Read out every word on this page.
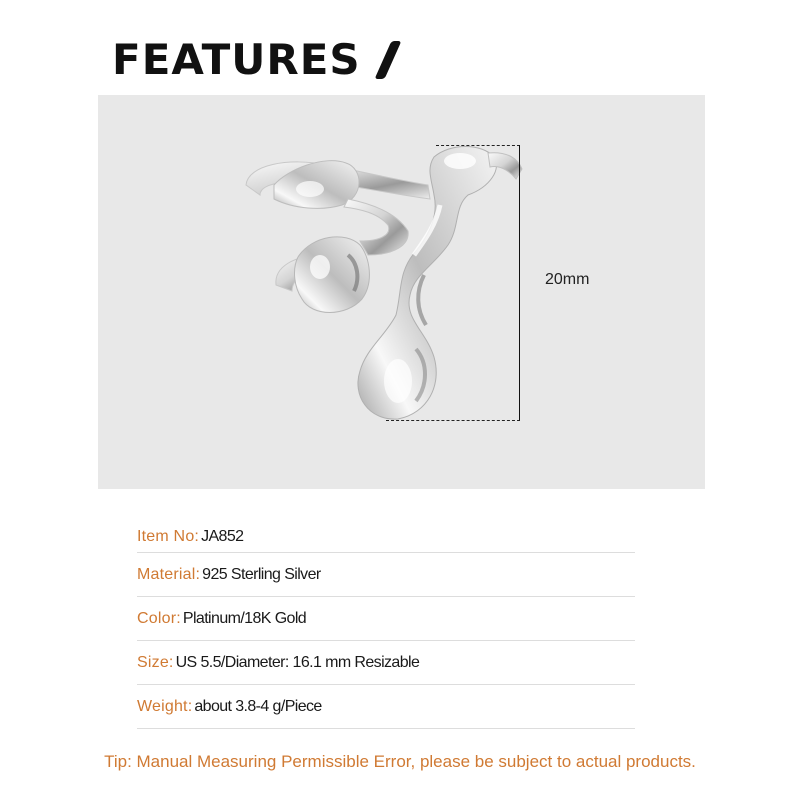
FEATURES
20mm
Item No: JA852
Material: 925 Sterling Silver
Color: Platinum/18K Gold
Size: US 5.5/Diameter: 16.1 mm Resizable
Weight: about 3.8-4 g/Piece
Tip: Manual Measuring Permissible Error, please be subject to actual products.
